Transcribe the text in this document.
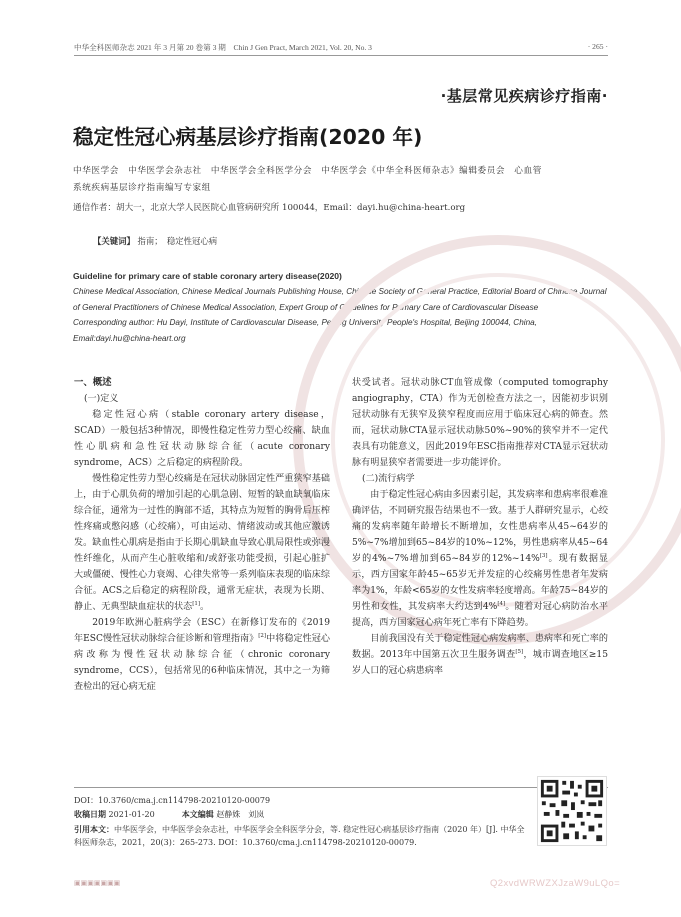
中华全科医师杂志 2021 年 3 月第 20 卷第 3 期　Chin J Gen Pract, March 2021, Vol. 20, No. 3	· 265 ·
·基层常见疾病诊疗指南·
稳定性冠心病基层诊疗指南(2020 年)
中华医学会　中华医学会杂志社　中华医学会全科医学分会　中华医学会《中华全科医师杂志》编辑委员会　心血管系统疾病基层诊疗指南编写专家组
通信作者：胡大一，北京大学人民医院心血管病研究所 100044，Email：dayi.hu@china-heart.org
【关键词】 指南；　稳定性冠心病
Guideline for primary care of stable coronary artery disease(2020)
Chinese Medical Association, Chinese Medical Journals Publishing House, Chinese Society of General Practice, Editorial Board of Chinese Journal of General Practitioners of Chinese Medical Association, Expert Group of Guidelines for Primary Care of Cardiovascular Disease
Corresponding author: Hu Dayi, Institute of Cardiovascular Disease, Peking University People's Hospital, Beijing 100044, China, Email:dayi.hu@china-heart.org
一、概述
(一)定义

稳定性冠心病（stable coronary artery disease，SCAD）一般包括3种情况，即慢性稳定性劳力型心绞痛、缺血性心肌病和急性冠状动脉综合征（acute coronary syndrome，ACS）之后稳定的病程阶段。

慢性稳定性劳力型心绞痛是在冠状动脉固定性严重狭窄基础上，由于心肌负荷的增加引起的心肌急剧、短暂的缺血缺氧临床综合征，通常为一过性的胸部不适，其特点为短暂的胸骨后压榨性疼痛或憋闷感（心绞痛），可由运动、情绪波动或其他应激诱发。缺血性心肌病是指由于长期心肌缺血导致心肌局限性或弥漫性纤维化，从而产生心脏收缩和/或舒张功能受损，引起心脏扩大或僵硬、慢性心力衰竭、心律失常等一系列临床表现的临床综合征。ACS之后稳定的病程阶段，通常无症状，表现为长期、静止、无典型缺血症状的状态[1]。

2019年欧洲心脏病学会（ESC）在新修订发布的《2019年ESC慢性冠状动脉综合征诊断和管理指南》[2]中将稳定性冠心病改称为慢性冠状动脉综合征（chronic coronary syndrome，CCS），包括常见的6种临床情况，其中之一为筛查检出的冠心病无症

状受试者。冠状动脉CT血管成像（computed tomography angiography，CTA）作为无创检查方法之一，因能初步识别冠状动脉有无狭窄及狭窄程度而应用于临床冠心病的筛查。然而，冠状动脉CTA显示冠状动脉50%~90%的狭窄并不一定代表具有功能意义，因此2019年ESC指南推荐对CTA显示冠状动脉有明显狭窄者需要进一步功能评价。
(二)流行病学

由于稳定性冠心病由多因素引起，其发病率和患病率很难准确评估，不同研究报告结果也不一致。基于人群研究显示，心绞痛的发病率随年龄增长不断增加，女性患病率从45~64岁的5%~7%增加到65~84岁的10%~12%，男性患病率从45~64岁的4%~7%增加到65~84岁的12%~14%[3]。现有数据显示，西方国家年龄45~65岁无并发症的心绞痛男性患者年发病率为1%，年龄<65岁的女性发病率轻度增高。年龄75~84岁的男性和女性，其发病率大约达到4%[4]。随着对冠心病防治水平提高，西方国家冠心病年死亡率有下降趋势。

目前我国没有关于稳定性冠心病发病率、患病率和死亡率的数据。2013年中国第五次卫生服务调查[5]，城市调查地区≥15岁人口的冠心病患病率

DOI：10.3760/cma.j.cn114798-20210120-00079
收稿日期 2021-01-20	本文编辑 赵静姝　刘岚
引用本文：中华医学会，中华医学会杂志社，中华医学会全科医学分会，等. 稳定性冠心病基层诊疗指南（2020 年）[J]. 中华全科医师杂志，2021，20(3)：265-273. DOI：10.3760/cma.j.cn114798-20210120-00079.
▣▣▣▣▣▣▣	Q2xvdWRWZXJzaW9uLQo=
